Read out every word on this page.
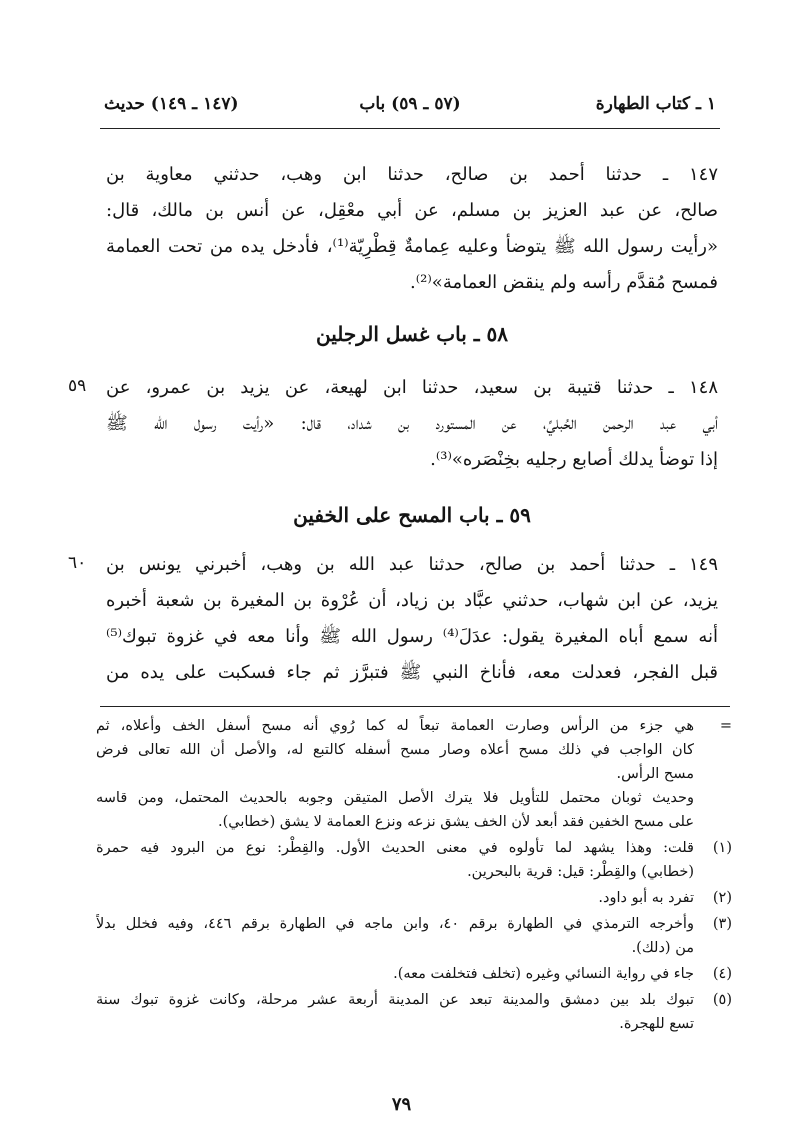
١ ـ كتاب الطهارة
(٥٧ ـ ٥٩) باب
(١٤٧ ـ ١٤٩) حديث
١٤٧ ـ حدثنا أحمد بن صالح، حدثنا ابن وهب، حدثني معاوية بن
صالح، عن عبد العزيز بن مسلم، عن أبي معْقِل، عن أنس بن مالك، قال:
«رأيت رسول الله ﷺ يتوضأ وعليه عِمامةٌ قِطْرِيّة⁽¹⁾، فأدخل يده من تحت العمامة
فمسح مُقدَّم رأسه ولم ينقض العمامة»⁽²⁾.
٥٨ ـ باب غسل الرجلين
٥٩ ١٤٨ ـ حدثنا قتيبة بن سعيد، حدثنا ابن لهيعة، عن يزيد بن عمرو، عن
أبي عبد الرحمن الحُبليِّ، عن المستورد بن شداد، قال: «رأيت رسول الله ﷺ
إذا توضأ يدلك أصابع رجليه بخِنْصَره»⁽³⁾.
٥٩ ـ باب المسح على الخفين
٦٠ ١٤٩ ـ حدثنا أحمد بن صالح، حدثنا عبد الله بن وهب، أخبرني يونس بن
يزيد، عن ابن شهاب، حدثني عبَّاد بن زياد، أن عُرْوة بن المغيرة بن شعبة أخبره
أنه سمع أباه المغيرة يقول: عدَلَ⁽⁴⁾ رسول الله ﷺ وأنا معه في غزوة تبوك⁽⁵⁾
قبل الفجر، فعدلت معه، فأناخ النبي ﷺ فتبرَّز ثم جاء فسكبت على يده من
=
هي جزء من الرأس وصارت العمامة تبعاً له كما رُوي أنه مسح أسفل الخف وأعلاه، ثم
كان الواجب في ذلك مسح أعلاه وصار مسح أسفله كالتبع له، والأصل أن الله تعالى فرض
مسح الرأس.
وحديث ثوبان محتمل للتأويل فلا يترك الأصل المتيقن وجوبه بالحديث المحتمل، ومن قاسه
على مسح الخفين فقد أبعد لأن الخف يشق نزعه ونزع العمامة لا يشق (خطابي).
(١)
قلت: وهذا يشهد لما تأولوه في معنى الحديث الأول. والقِطْر: نوع من البرود فيه حمرة
(خطابي) والقِطْر: قيل: قرية بالبحرين.
(٢)
تفرد به أبو داود.
(٣)
وأخرجه الترمذي في الطهارة برقم ٤٠، وابن ماجه في الطهارة برقم ٤٤٦، وفيه فخلل بدلاً
من (دلك).
(٤)
جاء في رواية النسائي وغيره (تخلف فتخلفت معه).
(٥)
تبوك بلد بين دمشق والمدينة تبعد عن المدينة أربعة عشر مرحلة، وكانت غزوة تبوك سنة
تسع للهجرة.
٧٩
